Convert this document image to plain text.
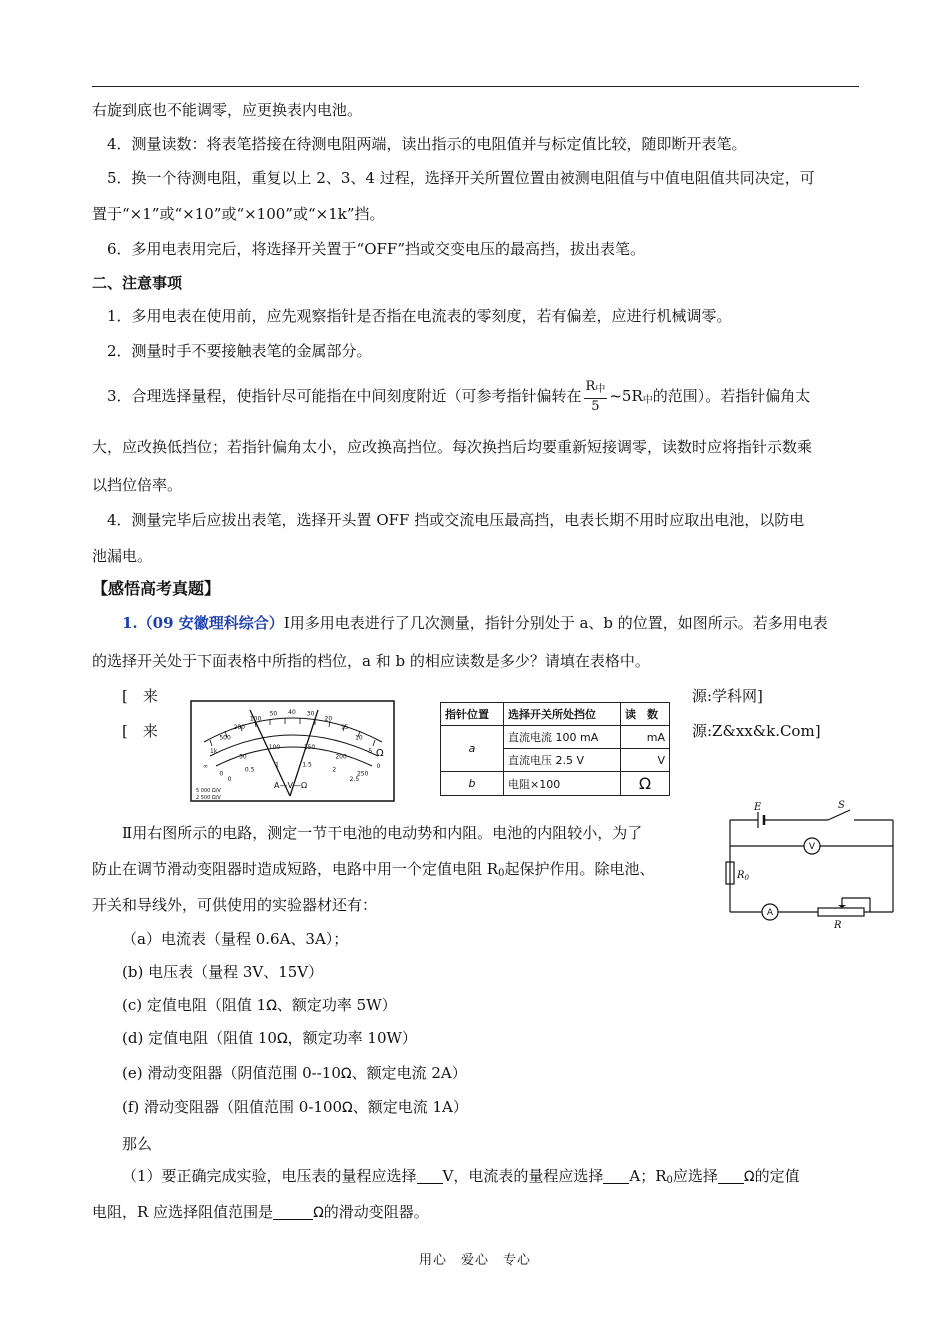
右旋到底也不能调零，应更换表内电池。
4．测量读数：将表笔搭接在待测电阻两端，读出指示的电阻值并与标定值比较，随即断开表笔。
5．换一个待测电阻，重复以上 2、3、4 过程，选择开关所置位置由被测电阻值与中值电阻值共同决定，可
置于“×1”或“×10”或“×100”或“×1k”挡。
6．多用电表用完后，将选择开关置于“OFF”挡或交变电压的最高挡，拔出表笔。
二、注意事项
1．多用电表在使用前，应先观察指针是否指在电流表的零刻度，若有偏差，应进行机械调零。
2．测量时手不要接触表笔的金属部分。
3．合理选择量程，使指针尽可能指在中间刻度附近（可参考指针偏转在 $\frac{R_中}{5}$ $\sim 5R_中$的范围）。若指针偏角太
大，应改换低挡位；若指针偏角太小，应改换高挡位。每次换挡后均要重新短接调零，读数时应将指针示数乘
以挡位倍率。
4．测量完毕后应拔出表笔，选择开头置 OFF 挡或交流电压最高挡，电表长期不用时应取出电池，以防电
池漏电。
【感悟高考真题】
1.（09 安徽理科综合）Ⅰ用多用电表进行了几次测量，指针分别处于 a、b 的位置，如图所示。若多用电表
的选择开关处于下面表格中所指的档位，a 和 b 的相应读数是多少？请填在表格中。
[　来	源:学科网]
[　来	源:Z&xx&k.Com]
∞
1k
500
200
100
50 40 30
20
15
10
5
0
0
50
100	150
200
250
0
0.5
1	1.5
2
2.5
A—V—Ω
Ω
5 000 Ω/V
2 500 Ω/V
指针位置	选择开关所处挡位	读　数
a	直流电流 100 mA	mA
	直流电压 2.5 V	V
b	电阻×100	Ω
E	S
$R_0$
R
V
A
Ⅱ用右图所示的电路，测定一节干电池的电动势和内阻。电池的内阻较小，为了
防止在调节滑动变阻器时造成短路，电路中用一个定值电阻 $R_0$起保护作用。除电池、
开关和导线外，可供使用的实验器材还有：
（a）电流表（量程 0.6A、3A）；
(b) 电压表（量程 3V、15V）
(c) 定值电阻（阻值 1Ω、额定功率 5W）
(d) 定值电阻（阻值 10Ω，额定功率 10W）
(e) 滑动变阻器（阴值范围 0--10Ω、额定电流 2A）
(f) 滑动变阻器（阻值范围 0-100Ω、额定电流 1A）
那么
（1）要正确完成实验，电压表的量程应选择 V，电流表的量程应选择 A；$R_0$应选择 Ω的定值
电阻，R 应选择阻值范围是	Ω的滑动变阻器。
用心　爱心　专心
